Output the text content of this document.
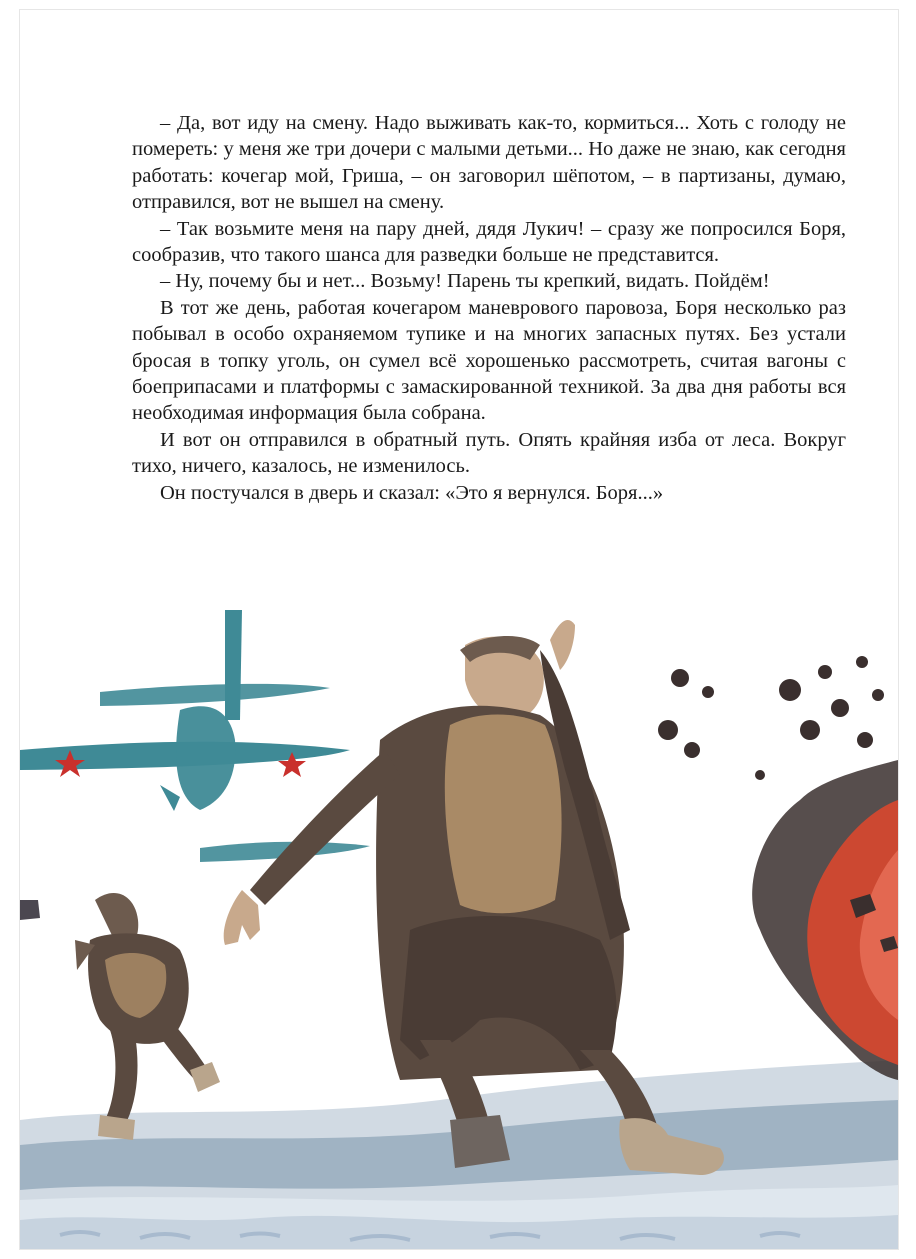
– Да, вот иду на смену. Надо выживать как-то, кормиться... Хоть с голоду не помереть: у меня же три дочери с малыми детьми... Но даже не знаю, как сегодня работать: кочегар мой, Гриша, – он заговорил шёпотом, – в партизаны, думаю, отправился, вот не вышел на смену.

– Так возьмите меня на пару дней, дядя Лукич! – сразу же попросился Боря, сообразив, что такого шанса для разведки больше не представится.

– Ну, почему бы и нет... Возьму! Парень ты крепкий, видать. Пойдём!

В тот же день, работая кочегаром маневрового паровоза, Боря несколько раз побывал в особо охраняемом тупике и на многих запасных путях. Без устали бросая в топку уголь, он сумел всё хорошенько рассмотреть, считая вагоны с боеприпасами и платформы с замаскированной техникой. За два дня работы вся необходимая информация была собрана.

И вот он отправился в обратный путь. Опять крайняя изба от леса. Вокруг тихо, ничего, казалось, не изменилось.

Он постучался в дверь и сказал: «Это я вернулся. Боря...»
